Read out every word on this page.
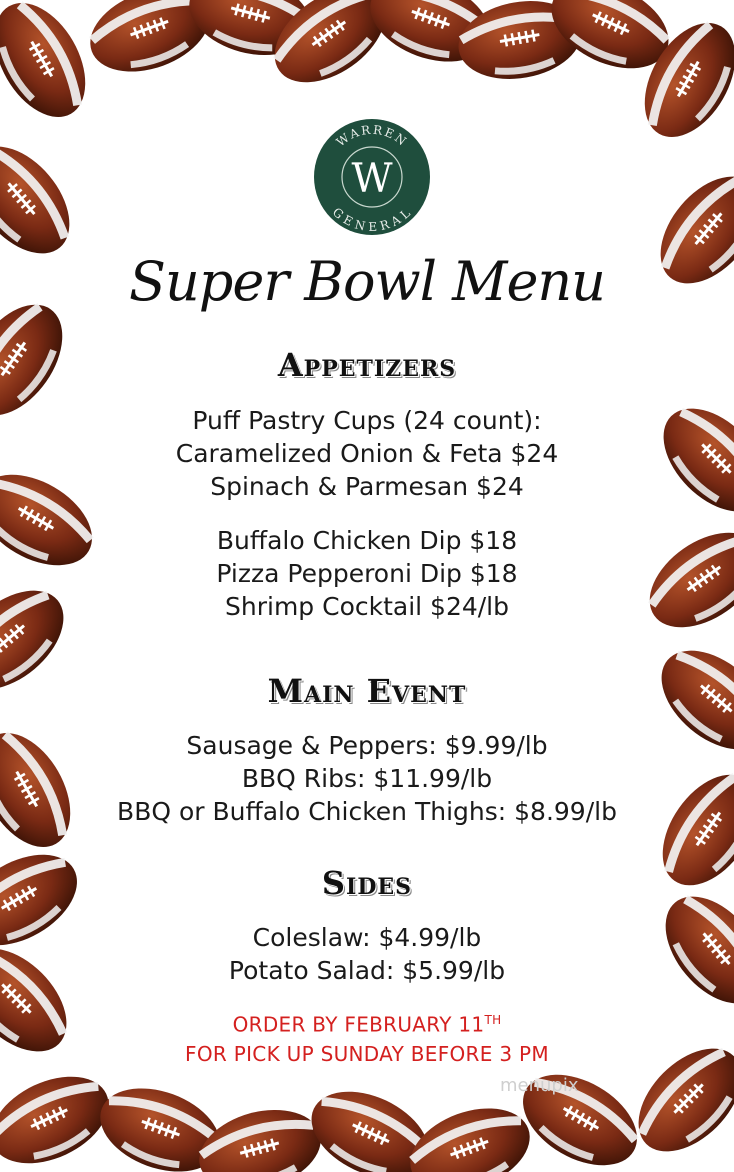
WARREN
GENERAL
W
Super Bowl Menu
Appetizers
Puff Pastry Cups (24 count):
Caramelized Onion & Feta $24
Spinach & Parmesan $24
Buffalo Chicken Dip $18
Pizza Pepperoni Dip $18
Shrimp Cocktail $24/lb
Main Event
Sausage & Peppers: $9.99/lb
BBQ Ribs: $11.99/lb
BBQ or Buffalo Chicken Thighs: $8.99/lb
Sides
Coleslaw: $4.99/lb
Potato Salad: $5.99/lb
ORDER BY FEBRUARY 11TH
FOR PICK UP SUNDAY BEFORE 3 PM
menupix
